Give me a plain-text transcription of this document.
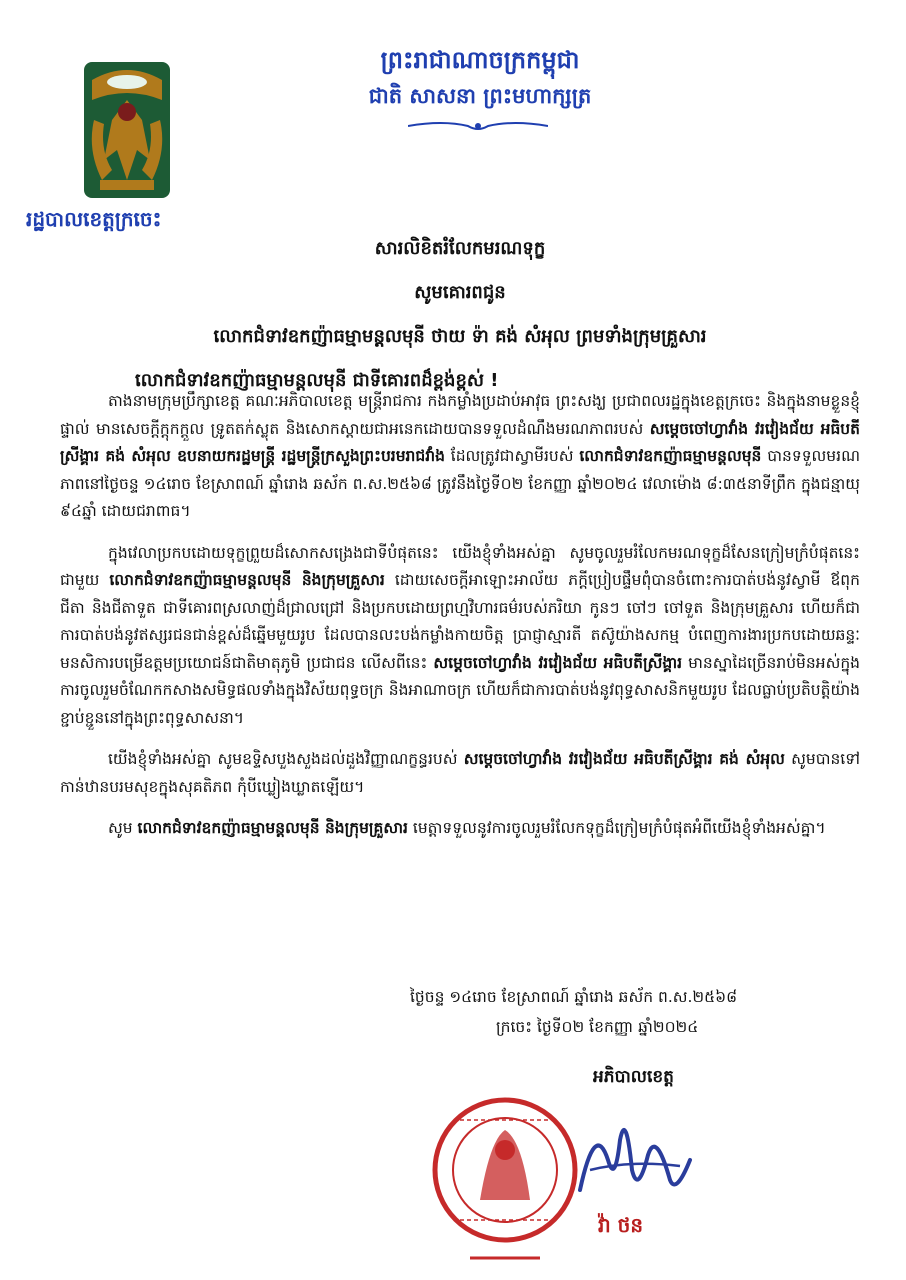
រដ្ឋបាលខេត្តក្រចេះ
ព្រះរាជាណាចក្រកម្ពុជា
ជាតិ សាសនា ព្រះមហាក្សត្រ
សារលិខិតរំលែកមរណទុក្ខ
សូមគោរពជូន
លោកជំទាវឧកញ៉ាធម្មាមន្ត្តលមុនី ថាយ ទ៉ា គង់ សំអុល ព្រមទាំងក្រុមគ្រួសារ
លោកជំទាវឧកញ៉ាធម្មាមន្តលមុនី ជាទីគោរពដ៏ខ្ពង់ខ្ពស់ !

តាងនាមក្រុមប្រឹក្សាខេត្ត គណៈអភិបាលខេត្ត មន្ត្រីរាជការ កងកម្លាំងប្រដាប់អាវុធ ព្រះសង្ឃ ប្រជាពលរដ្ឋក្នុងខេត្តក្រចេះ និងក្នុងនាមខ្លួនខ្ញុំផ្ទាល់ មានសេចក្តីក្តុកក្តួល ទ្រូតតក់ស្លុត និងសោកស្តាយជាអនេកដោយបានទទួលដំណឹងមរណភាពរបស់ សម្តេចចៅហ្វាវាំង វរវៀងជ័យ អធិបតីស្រីង្គារ គង់ សំអុល ឧបនាយករដ្ឋមន្ត្រី រដ្ឋមន្ត្រីក្រសួងព្រះបរមរាជវាំង ដែលត្រូវជាស្វាមីរបស់ លោកជំទាវឧកញ៉ាធម្មាមន្តលមុនី បានទទួលមរណភាពនៅថ្ងៃចន្ទ ១៤រោច ខែស្រាពណ៍ ឆ្នាំរោង ឆស័ក ព.ស.២៥៦៨ ត្រូវនឹងថ្ងៃទី០២ ខែកញ្ញា ឆ្នាំ២០២៤ វេលាម៉ោង ៨:៣៥នាទីព្រឹក ក្នុងជន្មាយុ ៩៤ឆ្នាំ ដោយជរាពាធ។

ក្នុងវេលាប្រកបដោយទុក្ខព្រួយដ៏សោកសង្រេងជាទីបំផុតនេះ យើងខ្ញុំទាំងអស់គ្នា សូមចូលរួមរំលែកមរណទុក្ខដ៏សែនក្រៀមក្រំបំផុតនេះជាមួយ លោកជំទាវឧកញ៉ាធម្មាមន្តលមុនី និងក្រុមគ្រួសារ ដោយសេចក្តីអាឡោះអាល័យ ភក្តីប្រៀបផ្ទឹមពុំបានចំពោះការបាត់បង់នូវស្វាមី ឪពុក ជីតា និងជីតាទួត ជាទីគោរពស្រលាញ់ដ៏ជ្រាលជ្រៅ និងប្រកបដោយព្រហ្មវិហារធម៌របស់ភរិយា កូនៗ ចៅៗ ចៅទួត និងក្រុមគ្រួសារ ហើយក៏ជាការបាត់បង់នូវឥស្សរជនជាន់ខ្ពស់ដ៏ឆ្នើមមួយរូប ដែលបានលះបង់កម្លាំងកាយចិត្ត ប្រាជ្ញាស្មារតី តស៊ូយ៉ាងសកម្ម បំពេញការងារប្រកបដោយឆន្ទៈមនសិការបម្រើឧត្តមប្រយោជន៍ជាតិមាតុភូមិ ប្រជាជន លើសពីនេះ សម្តេចចៅហ្វាវាំង វរវៀងជ័យ អធិបតីស្រីង្គារ មានស្នាដៃច្រើនរាប់មិនអស់ក្នុងការចូលរួមចំណែកកសាងសមិទ្ធផលទាំងក្នុងវិស័យពុទ្ធចក្រ និងអាណាចក្រ ហើយក៏ជាការបាត់បង់នូវពុទ្ធសាសនិកមួយរូប ដែលធ្លាប់ប្រតិបត្តិយ៉ាងខ្ជាប់ខ្ជួននៅក្នុងព្រះពុទ្ធសាសនា។

យើងខ្ញុំទាំងអស់គ្នា សូមឧទ្ទិសបួងសួងដល់ដួងវិញ្ញាណក្ខន្ធរបស់ សម្តេចចៅហ្វាវាំង វរវៀងជ័យ អធិបតីស្រីង្គារ គង់ សំអុល សូមបានទៅកាន់ឋានបរមសុខក្នុងសុគតិភព កុំបីឃ្លៀងឃ្លាតឡើយ។

សូម លោកជំទាវឧកញ៉ាធម្មាមន្តលមុនី និងក្រុមគ្រួសារ មេត្តាទទួលនូវការចូលរួមរំលែកទុក្ខដ៏ក្រៀមក្រំបំផុតអំពីយើងខ្ញុំទាំងអស់គ្នា។

ថ្ងៃចន្ទ ១៤រោច ខែស្រាពណ៍ ឆ្នាំរោង ឆស័ក ព.ស.២៥៦៨
ក្រចេះ ថ្ងៃទី០២ ខែកញ្ញា ឆ្នាំ២០២៤
អភិបាលខេត្ត
វ៉ា ថន
